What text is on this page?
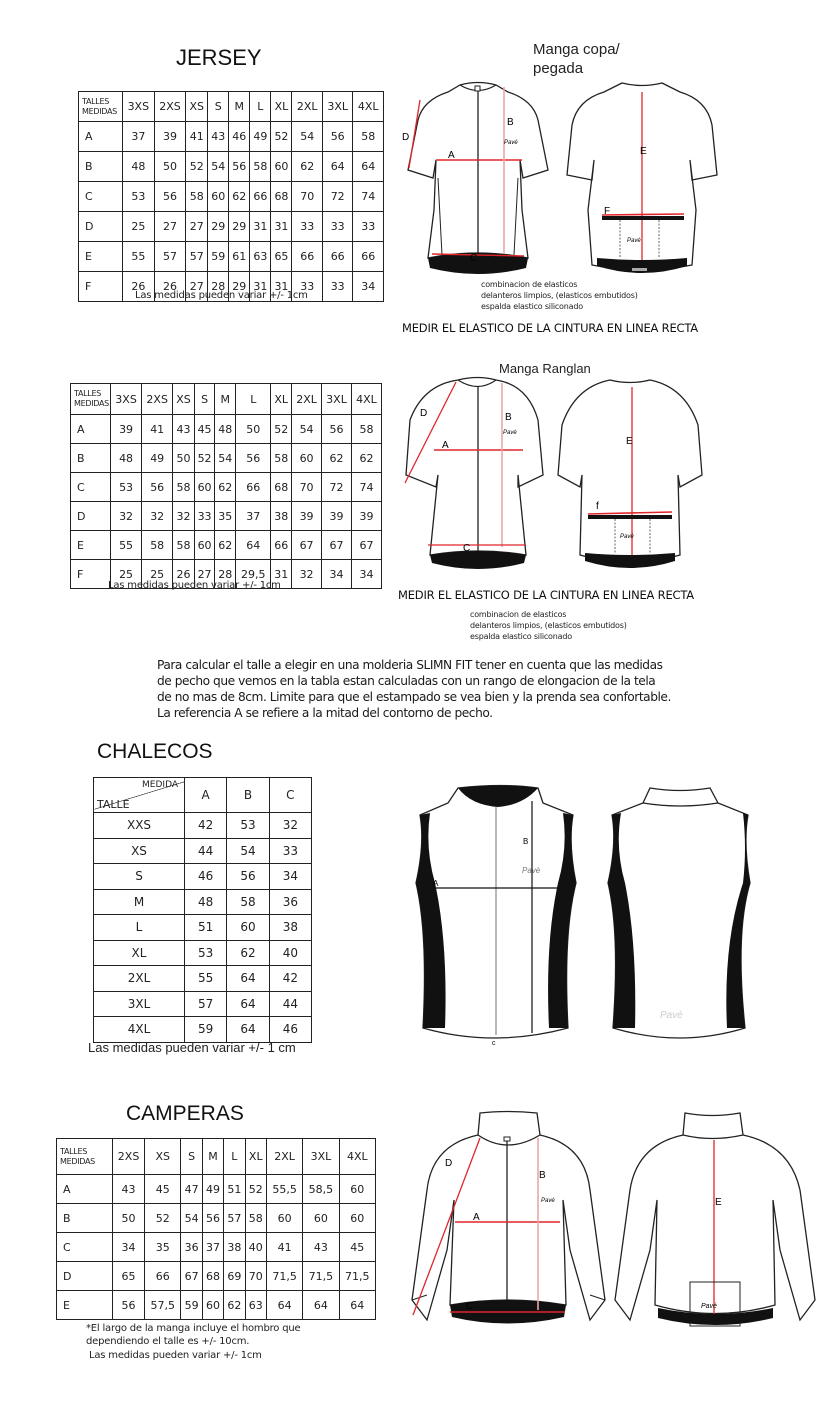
JERSEY
TALLES
MEDIDAS	3XS	2XS	XS	S	M	L	XL	2XL	3XL	4XL
A	37	39	41	43	46	49	52	54	56	58
B	48	50	52	54	56	58	60	62	64	64
C	53	56	58	60	62	66	68	70	72	74
D	25	27	27	29	29	31	31	33	33	33
E	55	57	57	59	61	63	65	66	66	66
F	26	26	27	28	29	31	31	33	33	34
Las medidas pueden variar +/- 1cm
Manga copa/
pegada
A
B
C
D	Pavé
E
F
Pavé
combinacion de elasticos
delanteros limpios, (elasticos embutidos)
espalda elastico siliconado
MEDIR EL ELASTICO DE LA CINTURA EN LINEA RECTA
TALLES
MEDIDAS	3XS	2XS	XS	S	M	L	XL	2XL	3XL	4XL
A	39	41	43	45	48	50	52	54	56	58
B	48	49	50	52	54	56	58	60	62	62
C	53	56	58	60	62	66	68	70	72	74
D	32	32	32	33	35	37	38	39	39	39
E	55	58	58	60	62	64	66	67	67	67
F	25	25	26	27	28	29,5	31	32	34	34
Las medidas pueden variar +/- 1cm
Manga Ranglan
A
B
C
D
Pavé
E
f
Pavé
MEDIR EL ELASTICO DE LA CINTURA EN LINEA RECTA
combinacion de elasticos
delanteros limpios, (elasticos embutidos)
espalda elastico siliconado
Para calcular el talle a elegir en una molderia SLIMN FIT tener en cuenta que las medidas
de pecho que vemos en la tabla estan calculadas con un rango de elongacion de la tela
de no mas de 8cm. Limite para que el estampado se vea bien y la prenda sea confortable.
La referencia A se refiere a la mitad del contorno de pecho.
CHALECOS
MEDIDA
TALLE	A	B	C
XXS	42	53	32
XS	44	54	33
S	46	56	34
M	48	58	36
L	51	60	38
XL	53	62	40
2XL	55	64	42
3XL	57	64	44
4XL	59	64	46
Las medidas pueden variar +/- 1 cm
A
B
c
Pavè
Pavè
CAMPERAS
TALLES
MEDIDAS	2XS	XS	S	M	L	XL	2XL	3XL	4XL
A	43	45	47	49	51	52	55,5	58,5	60
B	50	52	54	56	57	58	60	60	60
C	34	35	36	37	38	40	41	43	45
D	65	66	67	68	69	70	71,5	71,5	71,5
E	56	57,5	59	60	62	63	64	64	64
*El largo de la manga incluye el hombro que
dependiendo el talle es +/- 10cm.
Las medidas pueden variar +/- 1cm
A
B
C
D
Pavé	E
Pavé
